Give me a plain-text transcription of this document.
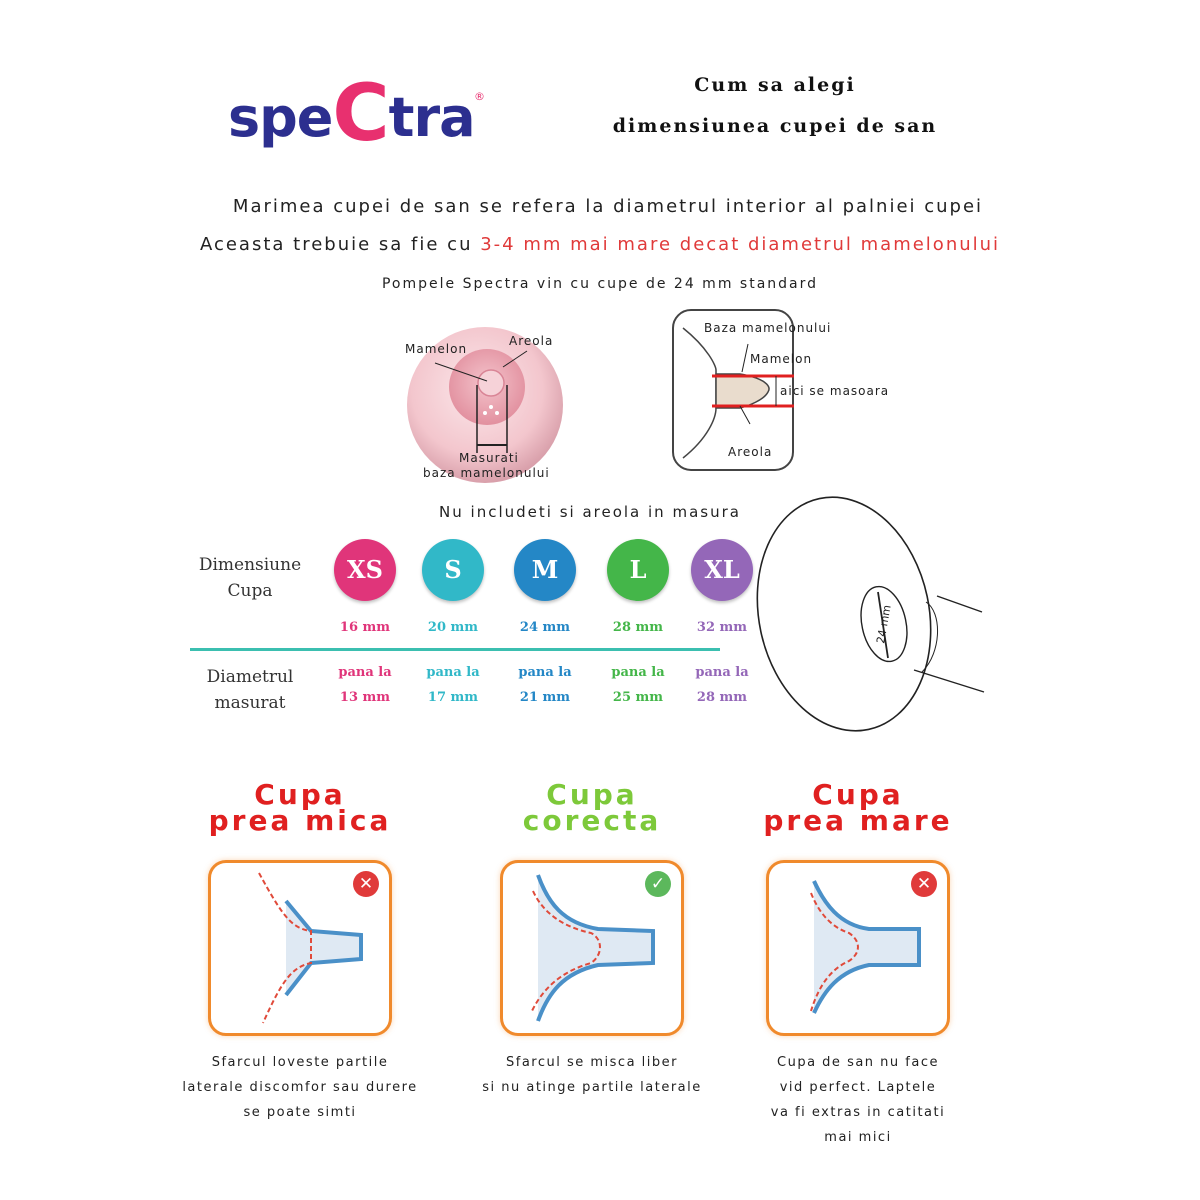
speCtra ®
Cum sa alegi
dimensiunea cupei de san
Marimea cupei de san se refera la diametrul interior al palniei cupei
Aceasta trebuie sa fie cu 3-4 mm mai mare decat diametrul mamelonului
Pompele Spectra vin cu cupe de 24 mm standard
Mamelon
Areola
Masurati
baza mamelonului
Baza mamelonului
Mamelon
aici se masoara
Areola
Nu includeti si areola in masura
24 mm
Dimensiune
Cupa
Diametrul
masurat
XS
16 mm
pana la
13 mm
S
20 mm
pana la
17 mm
M
24 mm
pana la
21 mm
L
28 mm
pana la
25 mm
XL
32 mm
pana la
28 mm
Cupa
prea mica
✕
Sfarcul loveste partile
laterale discomfor sau durere
se poate simti
Cupa
corecta
✓
Sfarcul se misca liber
si nu atinge partile laterale
Cupa
prea mare
✕
Cupa de san nu face
vid perfect. Laptele
va fi extras in catitati
mai mici
